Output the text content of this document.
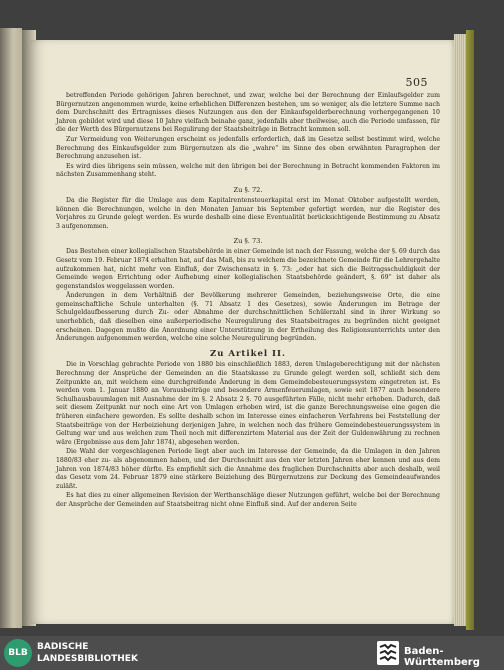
505

betreffenden Periode gehörigen Jahren berechnet, und zwar, welche bei der Berechnung der Einlaufsgelder zum Bürgernutzen angenommen wurde, keine erheblichen Differenzen bestehen, um so weniger, als die letztere Summe nach dem Durchschnitt des Ertragnisses dieses Nutzungen aus den der Einkaufsgelderberechnung vorhergegangenen 10 Jahren gebildet wird und diese 10 Jahre vielfach beinahe ganz, jedenfalls aber theilweise, auch die Periode umfassen, für die der Werth des Bürgernutzens bei Regulirung der Staatsbeiträge in Betracht kommen soll.

Zur Vermeidung von Weiterungen erscheint es jedenfalls erforderlich, daß im Gesetze selbst bestimmt wird, welche Berechnung des Einkaufsgelder zum Bürgernutzen als die „wahre“ im Sinne des oben erwähnten Paragraphen der Berechnung anzusehen ist.

Es wird dies übrigens sein müssen, welche mit den übrigen bei der Berechnung in Betracht kommenden Faktoren im nächsten Zusammenhang steht.

Zu §. 72.

Da die Register für die Umlage aus dem Kapitalrentensteuerkapital erst im Monat Oktober aufgestellt werden, können die Berechnungen, welche in den Monaten Januar bis September gefertigt werden, nur die Register des Vorjahres zu Grunde gelegt werden. Es wurde deshalb eine diese Eventualität berücksichtigende Bestimmung zu Absatz 3 aufgenommen.

Zu §. 73.

Das Bestehen einer kollegialischen Staatsbehörde in einer Gemeinde ist nach der Fassung, welche der §. 69 durch das Gesetz vom 19. Februar 1874 erhalten hat, auf das Maß, bis zu welchem die bezeichnete Gemeinde für die Lehrergehalte aufzukommen hat, nicht mehr von Einfluß, der Zwischensatz in §. 73: „oder hat sich die Beitragsschuldigkeit der Gemeinde wegen Errichtung oder Aufhebung einer kollegialischen Staatsbehörde geändert, §. 69“ ist daher als gegenstandslos weggelassen worden.

Änderungen in dem Verhältniß der Bevölkerung mehrerer Gemeinden, beziehungsweise Orte, die eine gemeinschaftliche Schule unterhalten (§. 71 Absatz 1 des Gesetzes), sowie Änderungen im Betrage der Schulgeldaufbesserung durch Zu- oder Abnahme der durchschnittlichen Schülerzahl sind in ihrer Wirkung so unerheblich, daß dieselben eine außerperiodische Neuregulirung des Staatsbeitrages zu begründen nicht geeignet erscheinen. Dagegen mußte die Anordnung einer Unterstützung in der Ertheilung des Religionsunterrichts unter den Änderungen aufgenommen werden, welche eine solche Neuregulirung begründen.

Zu Artikel II.

Die in Vorschlag gebrachte Periode von 1880 bis einschließlich 1883, deren Umlageberechtigung mit der nächsten Berechnung der Ansprüche der Gemeinden an die Staatskasse zu Grunde gelegt werden soll, schließt sich dem Zeitpunkte an, mit welchem eine durchgreifende Änderung in dem Gemeindebesteuerungssystem eingetreten ist. Es werden vom 1. Januar 1880 an Vorausbeiträge und besondere Armenfeuerumlagen, sowie seit 1877 auch besondere Schulhausbauumlagen mit Ausnahme der im §. 2 Absatz 2 §. 70 ausgeführten Fälle, nicht mehr erhoben. Dadurch, daß seit diesem Zeitpunkt nur noch eine Art von Umlagen erhoben wird, ist die ganze Berechnungsweise eine gegen die früheren einfachere geworden. Es sollte deshalb schon im Interesse eines einfacheren Verfahrens bei Feststellung der Staatsbeiträge von der Herbeiziehung derjenigen Jahre, in welchen noch das frühere Gemeindebesteuerungssystem in Geltung war und aus welchen zum Theil noch mit differenzirtem Material aus der Zeit der Guldenwährung zu rechnen wäre (Ergebnisse aus dem Jahr 1874), abgesehen werden.

Die Wahl der vorgeschlagenen Periode liegt aber auch im Interesse der Gemeinde, da die Umlagen in den Jahren 1880/83 eher zu- als abgenommen haben, und der Durchschnitt aus den vier letzten Jahren eher kennen und aus dem Jahren von 1874/83 höher dürfte. Es empfiehlt sich die Annahme des fraglichen Durchschnitts aber auch deshalb, weil das Gesetz vom 24. Februar 1879 eine stärkere Beiziehung des Bürgernutzens zur Deckung des Gemeindeaufwandes zuläßt.

Es hat dies zu einer allgemeinen Revision der Werthanschläge dieser Nutzungen geführt, welche bei der Berechnung der Ansprüche der Gemeinden auf Staatsbeitrag nicht ohne Einfluß sind. Auf der anderen Seite

BLB
BADISCHE
LANDESBIBLIOTHEK
Baden-Württemberg
